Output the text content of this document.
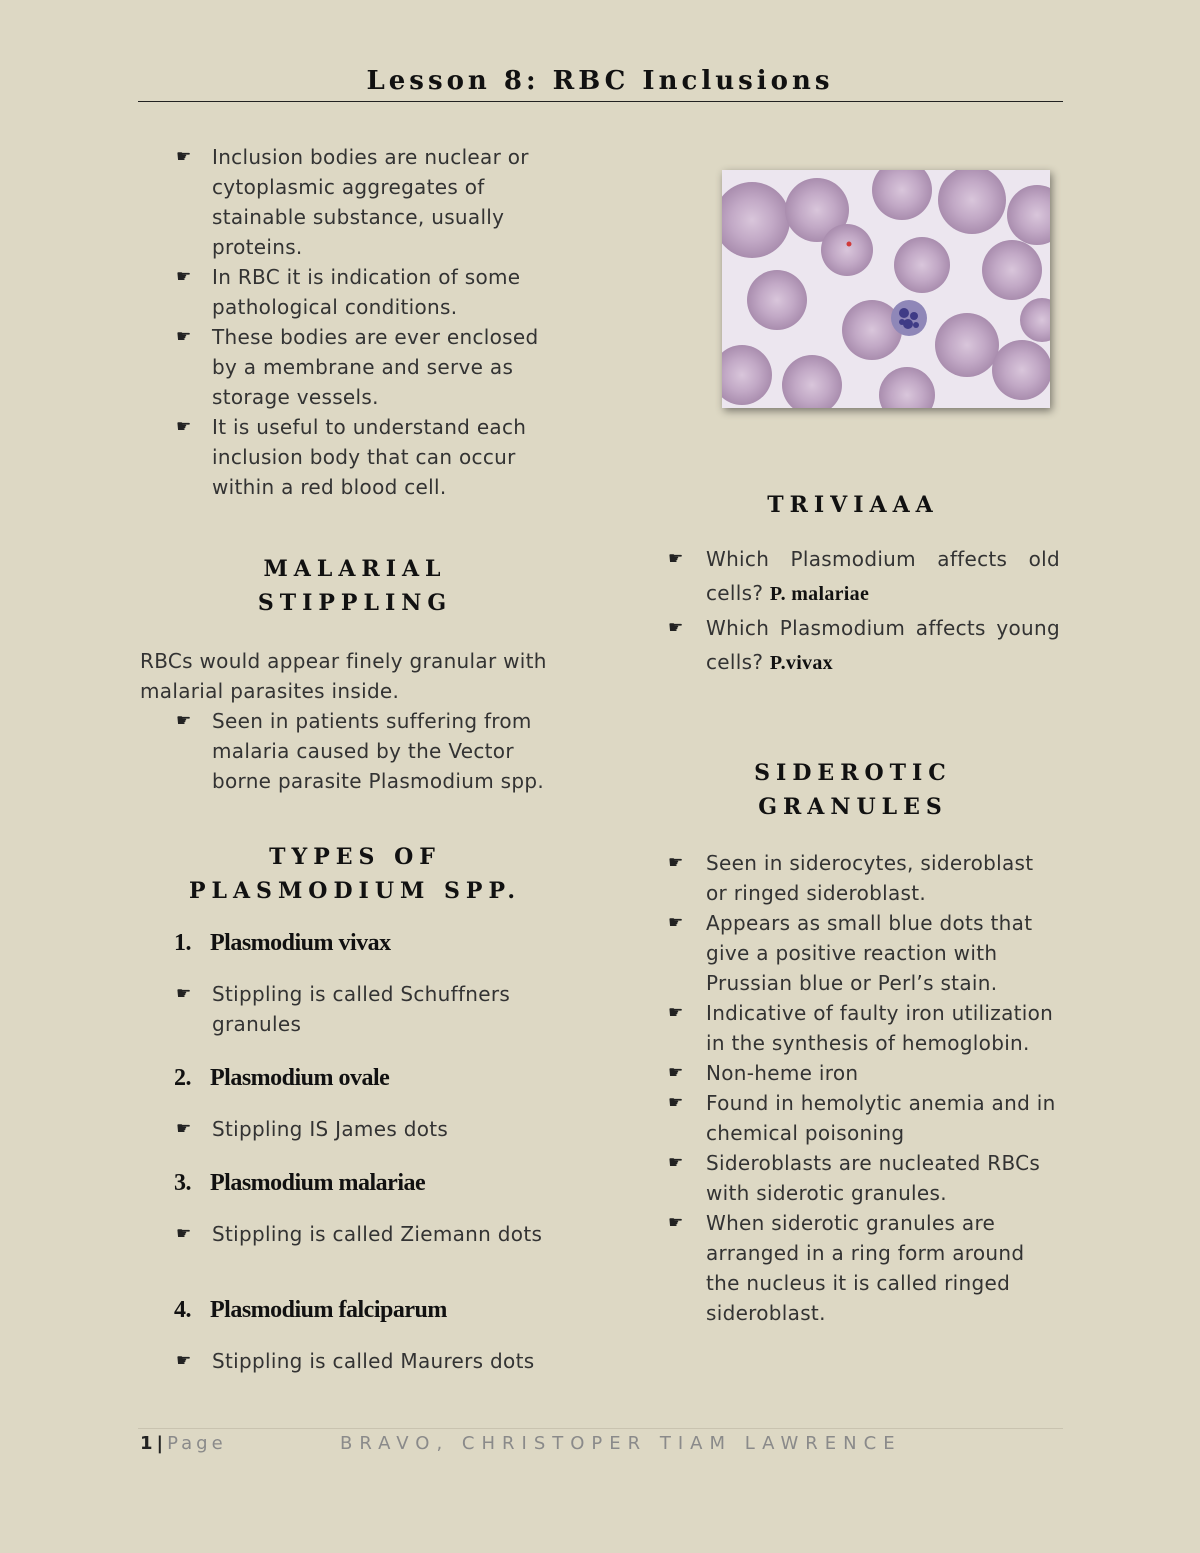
Lesson 8: RBC Inclusions
☛ Inclusion bodies are nuclear or cytoplasmic aggregates of stainable substance, usually proteins.
☛ In RBC it is indication of some pathological conditions.
☛ These bodies are ever enclosed by a membrane and serve as storage vessels.
☛ It is useful to understand each inclusion body that can occur within a red blood cell.
MALARIAL
STIPPLING
RBCs would appear finely granular with malarial parasites inside.
☛ Seen in patients suffering from malaria caused by the Vector borne parasite Plasmodium spp.
TYPES OF
PLASMODIUM SPP.
1. Plasmodium vivax
☛ Stippling is called Schuffners granules
2. Plasmodium ovale
☛ Stippling IS James dots
3. Plasmodium malariae
☛ Stippling is called Ziemann dots
4. Plasmodium falciparum
☛ Stippling is called Maurers dots
TRIVIAAA
☛ Which Plasmodium affects old cells? P. malariae
☛ Which Plasmodium affects young cells? P.vivax
SIDEROTIC
GRANULES
☛ Seen in siderocytes, sideroblast or ringed sideroblast.
☛ Appears as small blue dots that give a positive reaction with Prussian blue or Perl’s stain.
☛ Indicative of faulty iron utilization in the synthesis of hemoglobin.
☛ Non-heme iron
☛ Found in hemolytic anemia and in chemical poisoning
☛ Sideroblasts are nucleated RBCs with siderotic granules.
☛ When siderotic granules are arranged in a ring form around the nucleus it is called ringed sideroblast.
1 | Page	BRAVO, CHRISTOPER TIAM LAWRENCE
